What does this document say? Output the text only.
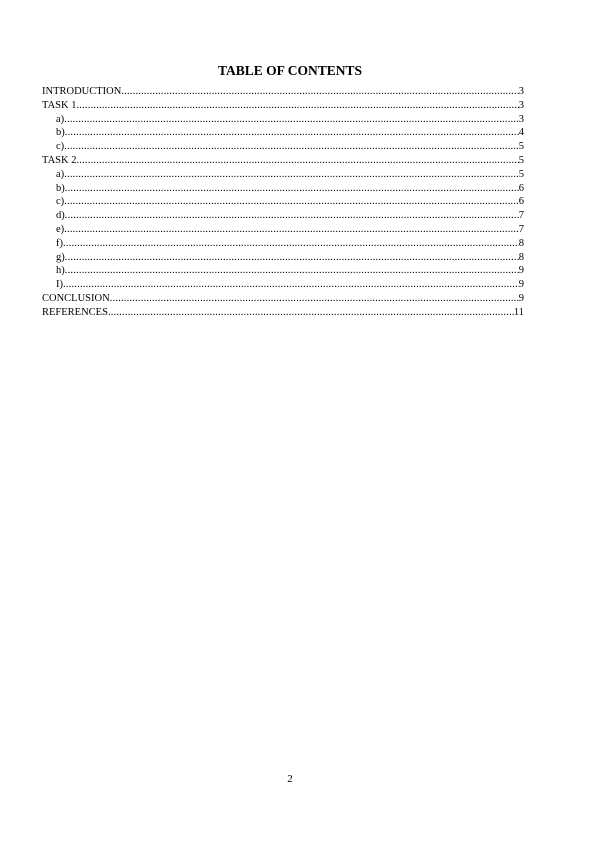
TABLE OF CONTENTS
INTRODUCTION .....	3
TASK 1 .....	3
a) .....	3
b) .....	4
c) .....	5
TASK 2 .....	5
a) .....	5
b) .....	6
c) .....	6
d) .....	7
e) .....	7
f) .....	8
g) .....	8
h) .....	9
I) .....	9
CONCLUSION .....	9
REFERENCES .....	11
2
